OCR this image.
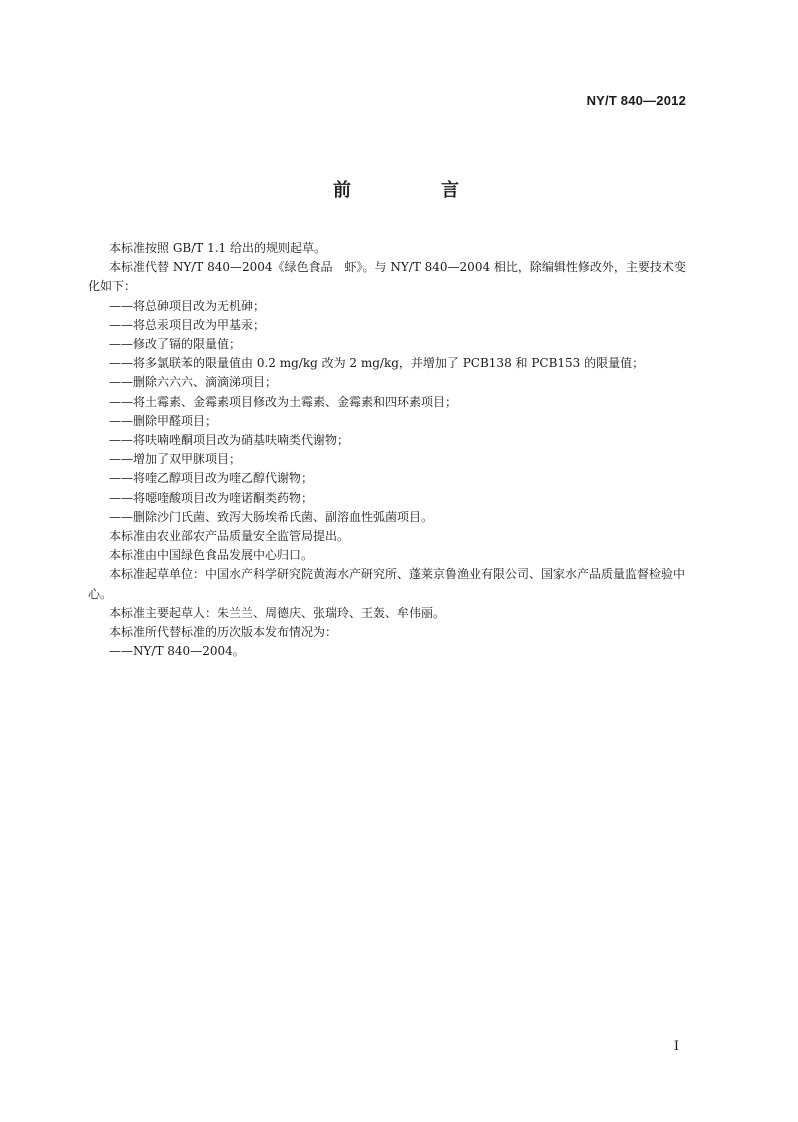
NY/T 840—2012
前　言

本标准按照 GB/T 1.1 给出的规则起草。

本标准代替 NY/T 840—2004《绿色食品　虾》。与 NY/T 840—2004 相比，除编辑性修改外，主要技术变化如下：

——将总砷项目改为无机砷；

——将总汞项目改为甲基汞；

——修改了镉的限量值；

——将多氯联苯的限量值由 0.2 mg/kg 改为 2 mg/kg，并增加了 PCB138 和 PCB153 的限量值；

——删除六六六、滴滴涕项目；

——将土霉素、金霉素项目修改为土霉素、金霉素和四环素项目；

——删除甲醛项目；

——将呋喃唑酮项目改为硝基呋喃类代谢物；

——增加了双甲脒项目；

——将喹乙醇项目改为喹乙醇代谢物；

——将噁喹酸项目改为喹诺酮类药物；

——删除沙门氏菌、致泻大肠埃希氏菌、副溶血性弧菌项目。

本标准由农业部农产品质量安全监管局提出。

本标准由中国绿色食品发展中心归口。

本标准起草单位：中国水产科学研究院黄海水产研究所、蓬莱京鲁渔业有限公司、国家水产品质量监督检验中心。

本标准主要起草人：朱兰兰、周德庆、张瑞玲、王轰、牟伟丽。

本标准所代替标准的历次版本发布情况为：

——NY/T 840—2004。

I
